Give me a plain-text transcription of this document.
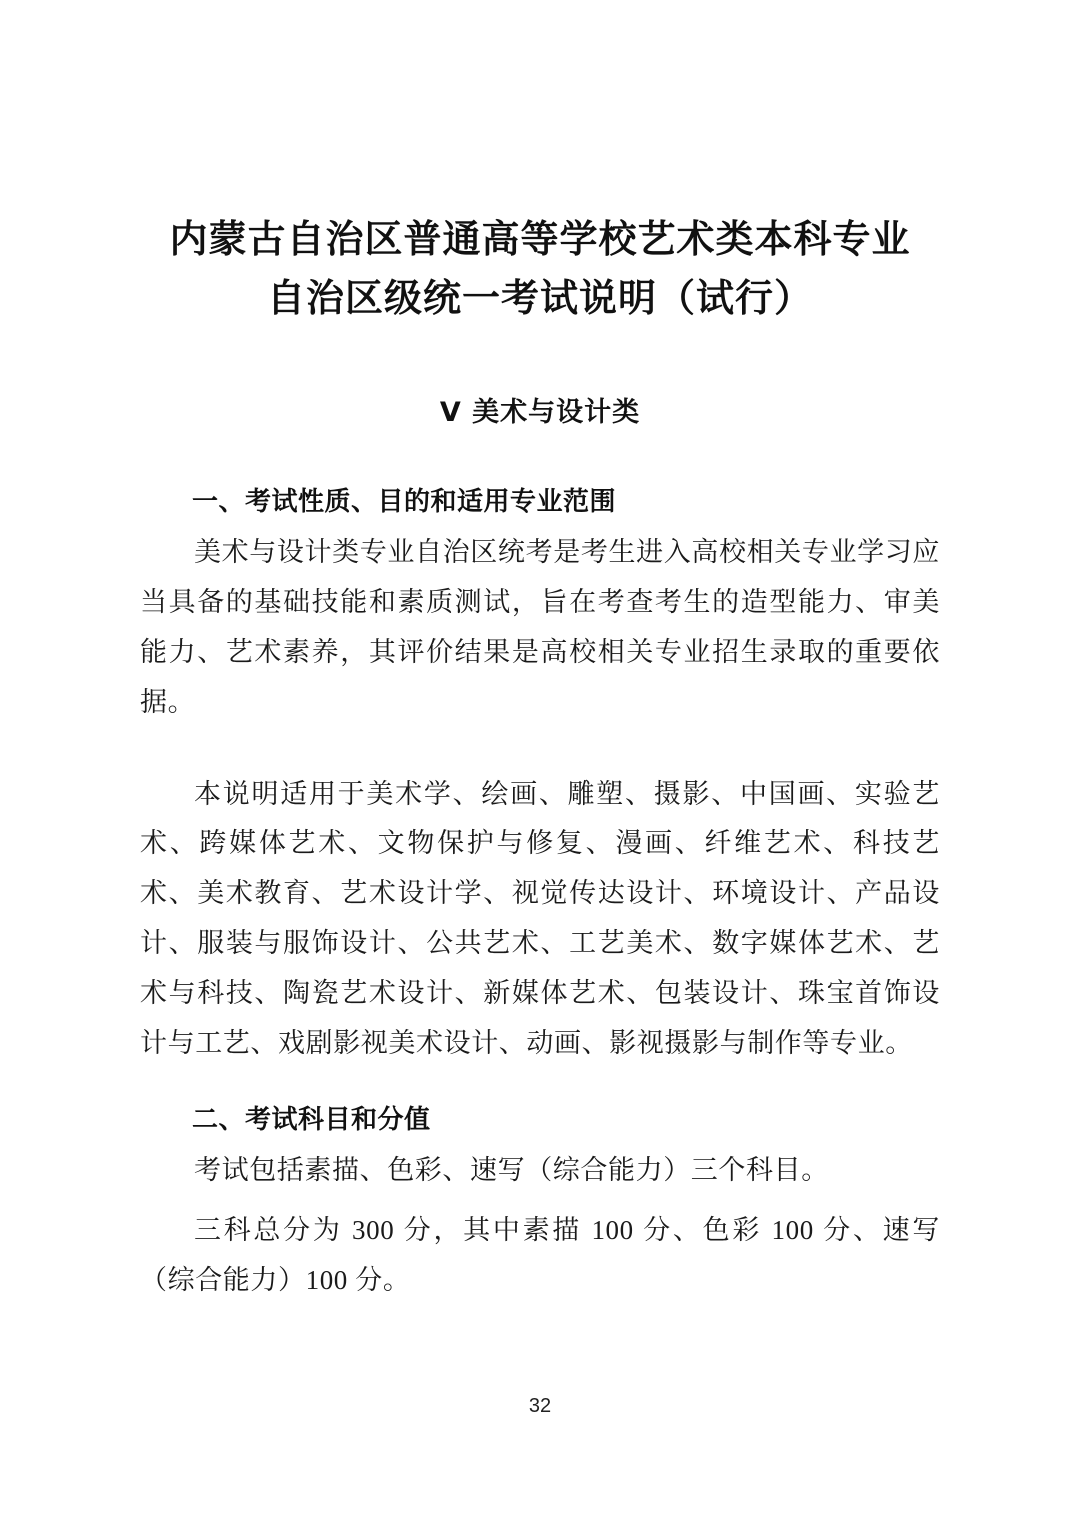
内蒙古自治区普通高等学校艺术类本科专业
自治区级统一考试说明（试行）
V 美术与设计类
一、考试性质、目的和适用专业范围

美术与设计类专业自治区统考是考生进入高校相关专业学习应当具备的基础技能和素质测试，旨在考查考生的造型能力、审美能力、艺术素养，其评价结果是高校相关专业招生录取的重要依据。

本说明适用于美术学、绘画、雕塑、摄影、中国画、实验艺术、跨媒体艺术、文物保护与修复、漫画、纤维艺术、科技艺术、美术教育、艺术设计学、视觉传达设计、环境设计、产品设计、服装与服饰设计、公共艺术、工艺美术、数字媒体艺术、艺术与科技、陶瓷艺术设计、新媒体艺术、包装设计、珠宝首饰设计与工艺、戏剧影视美术设计、动画、影视摄影与制作等专业。

二、考试科目和分值

考试包括素描、色彩、速写（综合能力）三个科目。

三科总分为 300 分，其中素描 100 分、色彩 100 分、速写（综合能力）100 分。

32
